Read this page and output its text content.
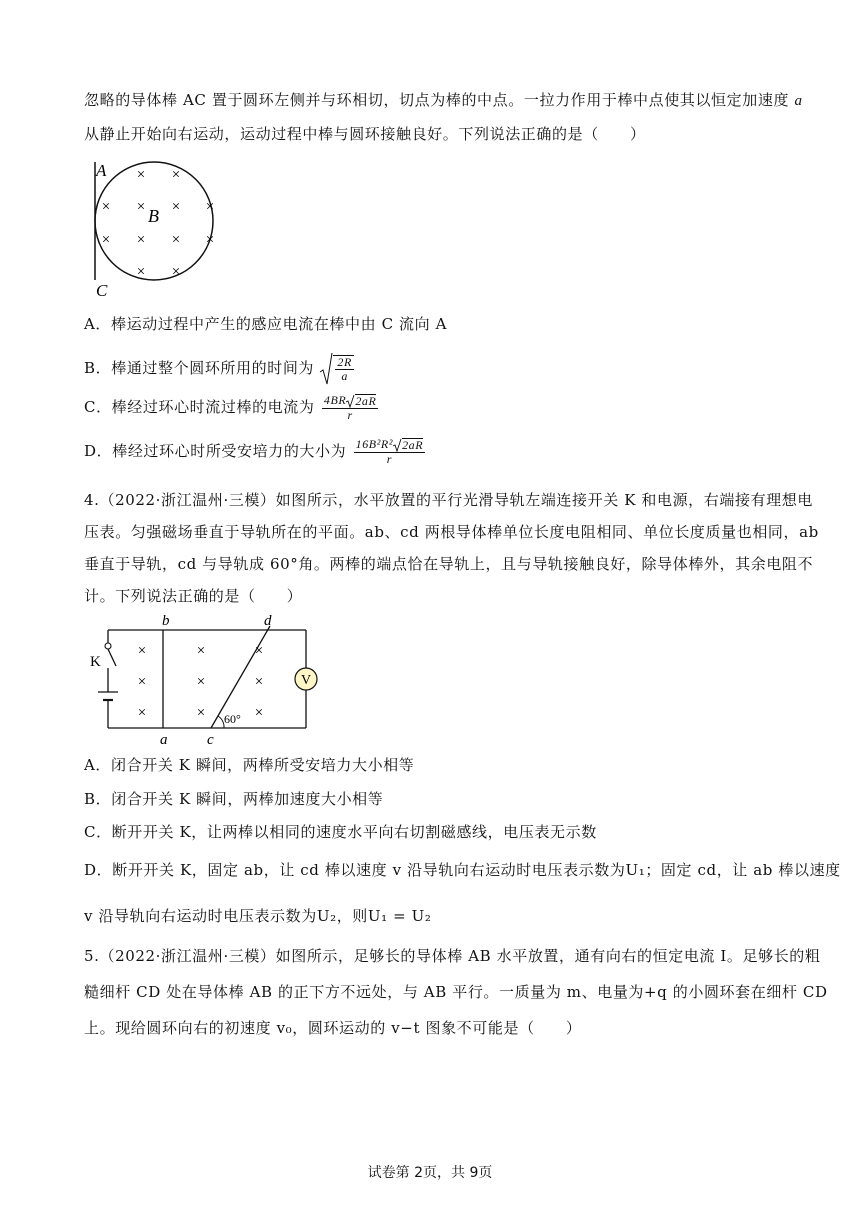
忽略的导体棒 AC 置于圆环左侧并与环相切，切点为棒的中点。一拉力作用于棒中点使其以恒定加速度 a
从静止开始向右运动，运动过程中棒与圆环接触良好。下列说法正确的是（　　）
A
B
C
× ×
× × × ×
× × × ×
× ×
A．棒运动过程中产生的感应电流在棒中由 C 流向 A
B．棒通过整个圆环所用的时间为 $\frac{2R}{a}$
C．棒经过环心时流过棒的电流为 $\frac{4BR 2aR}{r}$
D．棒经过环心时所受安培力的大小为 $\frac{\text{16B²R² 2aR}}{r}$
4.（2022·浙江温州·三模）如图所示，水平放置的平行光滑导轨左端连接开关 K 和电源，右端接有理想电
压表。匀强磁场垂直于导轨所在的平面。ab、cd 两根导体棒单位长度电阻相同、单位长度质量也相同，ab
垂直于导轨，cd 与导轨成 60°角。两棒的端点恰在导轨上，且与导轨接触良好，除导体棒外，其余电阻不
计。下列说法正确的是（　　）
V
K
b
a
d
c
60°
×	×	×
×	×	×
×	×	×
A．闭合开关 K 瞬间，两棒所受安培力大小相等
B．闭合开关 K 瞬间，两棒加速度大小相等
C．断开开关 K，让两棒以相同的速度水平向右切割磁感线，电压表无示数
D．断开开关 K，固定 ab，让 cd 棒以速度 v 沿导轨向右运动时电压表示数为U₁；固定 cd，让 ab 棒以速度
v 沿导轨向右运动时电压表示数为U₂，则U₁ = U₂
5.（2022·浙江温州·三模）如图所示，足够长的导体棒 AB 水平放置，通有向右的恒定电流 I。足够长的粗
糙细杆 CD 处在导体棒 AB 的正下方不远处，与 AB 平行。一质量为 m、电量为+q 的小圆环套在细杆 CD
上。现给圆环向右的初速度 v₀，圆环运动的 v−t 图象不可能是（　　）
试卷第 2页，共 9页
